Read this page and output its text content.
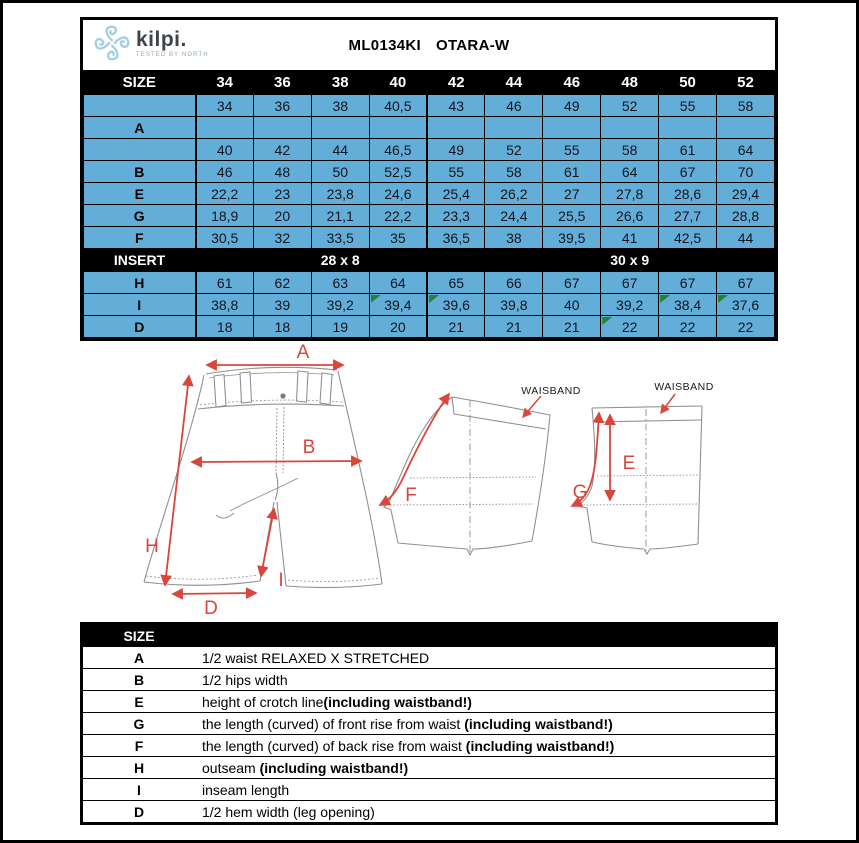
kilpi.
TESTED BY NORTH
ML0134KI OTARA-W
SIZE	34	36	38	40	42	44	46	48	50	52
	34	36	38	40,5	43	46	49	52	55	58
A										
	40	42	44	46,5	49	52	55	58	61	64
B	46	48	50	52,5	55	58	61	64	67	70
E	22,2	23	23,8	24,6	25,4	26,2	27	27,8	28,6	29,4
G	18,9	20	21,1	22,2	23,3	24,4	25,5	26,6	27,7	28,8
F	30,5	32	33,5	35	36,5	38	39,5	41	42,5	44
INSERT	28 x 8					30 x 9				
H	61	62	63	64	65	66	67	67	67	67
I	38,8	39	39,2	39,4	39,6	39,8	40	39,2	38,4	37,6

D	18	18	19	20	21	21	21	22	22	22
A
H
B
I
D
F
WAISBAND
E
G
WAISBAND
SIZE	
A	1/2 waist RELAXED X STRETCHED
B	1/2 hips width
E	height of crotch line(including waistband!)
G	the length (curved) of front rise from waist (including waistband!)
F	the length (curved) of back rise from waist (including waistband!)
H	outseam (including waistband!)
I	inseam length
D	1/2 hem width (leg opening)
